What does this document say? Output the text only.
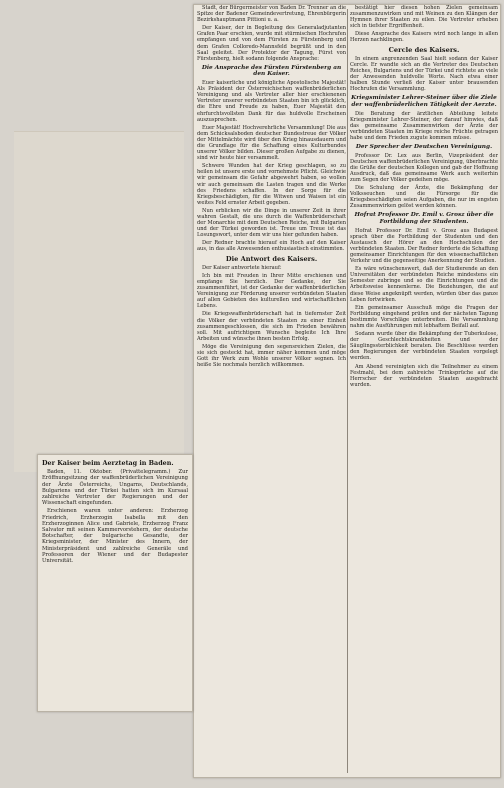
Stadt, der Bürgermeister von Baden Dr. Trenner an die Spitze der Badener Gemeindevertretung, Ehrenbürgerin Bezirkshauptmann Pittioni u. a.

Der Kaiser, der in Begleitung des Generaladjutanten Grafen Paar erschien, wurde mit stürmischen Hochrufen empfangen und von dem Fürsten zu Fürstenberg und dem Grafen Colloredo-Mannsfeld begrüßt und in den Saal geleitet. Der Protektor der Tagung, Fürst von Fürstenberg, hielt sodann folgende Ansprache:

Die Ansprache des Fürsten Fürstenberg an den Kaiser.

Euer kaiserliche und königliche Apostolische Majestät! Als Präsident der Österreichischen waffenbrüderlichen Vereinigung und als Vertreter aller hier erschienenen Vertreter unserer verbündeten Staaten bin ich glücklich, die Ehre und Freude zu haben, Euer Majestät den ehrfurchtsvollsten Dank für das huldvolle Erscheinen auszusprechen.

Euer Majestät! Hochverehrliche Versammlung! Die aus dem Schicksalsboden deutscher Bundestreue der Völker der Mittelmächte wird über den Krieg hinausdauern und die Grundlage für die Schaffung eines Kulturbundes unserer Völker bilden. Dieser großen Aufgabe zu dienen, sind wir heute hier versammelt.

Schwere Wunden hat der Krieg geschlagen, so zu heilen ist unsere erste und vornehmste Pflicht. Gleichwie wir gemeinsam die Gefahr abgewehrt haben, so wollen wir auch gemeinsam die Lasten tragen und die Werke des Friedens schaffen. In der Sorge für die Kriegsbeschädigten, für die Witwen und Waisen ist ein weites Feld ernster Arbeit gegeben.

Nun erblicken wir die Dinge in unserer Zeit in ihrer wahren Gestalt, die uns durch die Waffenbrüderschaft der Monarchie mit dem Deutschen Reiche, mit Bulgarien und der Türkei geworden ist. Treue um Treue ist das Losungswort, unter dem wir uns hier gefunden haben.

Der Redner brachte hierauf ein Hoch auf den Kaiser aus, in das alle Anwesenden enthusiastisch einstimmten.

Die Antwort des Kaisers.

Der Kaiser antwortete hierauf:

Ich bin mit Freuden in Ihrer Mitte erschienen und empfange Sie herzlich. Der Gedanke, der Sie zusammenführt, ist der Gedanke der waffenbrüderlichen Vereinigung zur Förderung unserer verbündeten Staaten auf allen Gebieten des kulturellen und wirtschaftlichen Lebens.

Die Kriegswaffenbrüderschaft hat in tiefernster Zeit die Völker der verbündeten Staaten zu einer Einheit zusammengeschlossen, die sich im Frieden bewähren soll. Mit aufrichtigem Wunsche begleite Ich Ihre Arbeiten und wünsche ihnen besten Erfolg.

Möge die Vereinigung den segensreichen Zielen, die sie sich gesteckt hat, immer näher kommen und möge Gott ihr Werk zum Wohle unserer Völker segnen. Ich heiße Sie nochmals herzlich willkommen.

bestätigt hier diesen hohen Zielen gemeinsam zusammenzuwirken und mit Weinen zu den Klängen der Hymnen ihrer Staaten zu eilen. Die Vertreter erheben sich in tiefster Ergriffenheit.

Diese Ansprache des Kaisers wird noch lange in allen Herzen nachklingen.

Cercle des Kaisers.

In einem angrenzenden Saal hielt sodann der Kaiser Cercle. Er wandte sich an die Vertreter des Deutschen Reiches, Bulgariens und der Türkei und richtete an viele der Anwesenden huldvolle Worte. Nach etwa einer halben Stunde verließ der Kaiser unter brausenden Hochrufen die Versammlung.

Kriegsminister Lehrer-Steiner über die Ziele der waffenbrüderlichen Tätigkeit der Aerzte.

Die Beratung der ärztlichen Abteilung leitete Kriegsminister Lehrer-Steiner, der darauf hinwies, daß das gemeinsame Zusammenwirken der Ärzte der verbündeten Staaten im Kriege reiche Früchte getragen habe und dem Frieden zugute kommen müsse.

Der Sprecher der Deutschen Vereinigung.

Professor Dr. Lex aus Berlin, Vizepräsident der Deutschen waffenbrüderlichen Vereinigung, überbrachte die Grüße der deutschen Kollegen und gab der Hoffnung Ausdruck, daß das gemeinsame Werk auch weiterhin zum Segen der Völker gedeihen möge.

Die Schulung der Ärzte, die Bekämpfung der Volksseuchen und die Fürsorge für die Kriegsbeschädigten seien Aufgaben, die nur im engsten Zusammenwirken gelöst werden können.

Hofrat Professor Dr. Emil v. Grosz über die Fortbildung der Studenten.

Hofrat Professor Dr. Emil v. Grosz aus Budapest sprach über die Fortbildung der Studenten und den Austausch der Hörer an den Hochschulen der verbündeten Staaten. Der Redner forderte die Schaffung gemeinsamer Einrichtungen für den wissenschaftlichen Verkehr und die gegenseitige Anerkennung der Studien.

Es wäre wünschenswert, daß der Studierende an den Universitäten der verbündeten Reiche mindestens ein Semester zubringe und so die Einrichtungen und die Arbeitsweise kennenlerne. Die Beziehungen, die auf diese Weise angeknüpft werden, würden über das ganze Leben fortwirken.

Ein gemeinsamer Ausschuß möge die Fragen der Fortbildung eingehend prüfen und der nächsten Tagung bestimmte Vorschläge unterbreiten. Die Versammlung nahm die Ausführungen mit lebhaftem Beifall auf.

Sodann wurde über die Bekämpfung der Tuberkulose, der Geschlechtskrankheiten und der Säuglingssterblichkeit beraten. Die Beschlüsse werden den Regierungen der verbündeten Staaten vorgelegt werden.

Am Abend vereinigten sich die Teilnehmer zu einem Festmahl, bei dem zahlreiche Trinksprüche auf die Herrscher der verbündeten Staaten ausgebracht wurden.

Der Kaiser beim Aerztetag in Baden.

Baden, 11. Oktober. (Privattelegramm.) Zur Eröffnungsitzung der waffenbrüderlichen Vereinigung der Ärzte Österreichs, Ungarns, Deutschlands, Bulgariens und der Türkei hatten sich im Kursaal zahlreiche Vertreter der Regierungen und der Wissenschaft eingefunden.

Erschienen waren unter anderen: Erzherzog Friedrich, Erzherzogin Isabella mit den Erzherzoginnen Alice und Gabriele, Erzherzog Franz Salvator mit seinen Kammervorstehern, der deutsche Botschafter, der bulgarische Gesandte, der Kriegsminister, der Minister des Innern, der Ministerpräsident und zahlreiche Generäle und Professoren der Wiener und der Budapester Universität.
